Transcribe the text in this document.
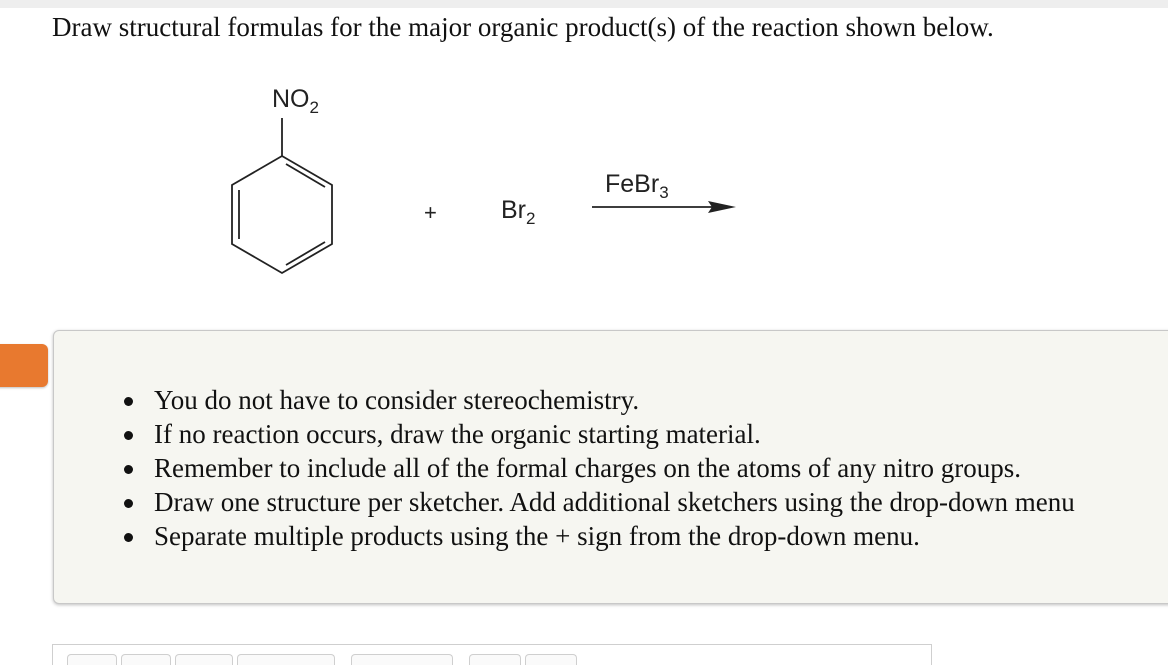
Draw structural formulas for the major organic product(s) of the reaction shown below.
$NO_2$
+	$Br_2$
FeBr$_3$
You do not have to consider stereochemistry.
If no reaction occurs, draw the organic starting material.
Remember to include all of the formal charges on the atoms of any nitro groups.
Draw one structure per sketcher. Add additional sketchers using the drop-down menu
Separate multiple products using the + sign from the drop-down menu.
